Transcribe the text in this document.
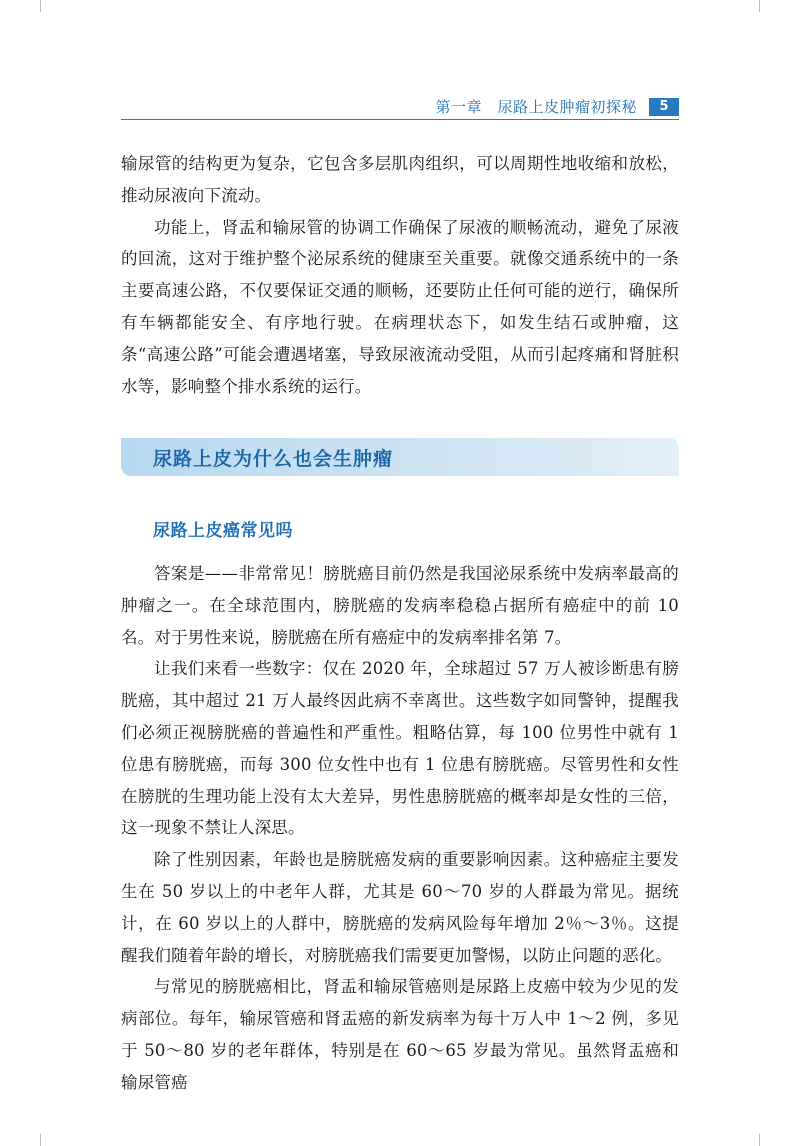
第一章　尿路上皮肿瘤初探秘	5

输尿管的结构更为复杂，它包含多层肌肉组织，可以周期性地收缩和放松，推动尿液向下流动。

功能上，肾盂和输尿管的协调工作确保了尿液的顺畅流动，避免了尿液的回流，这对于维护整个泌尿系统的健康至关重要。就像交通系统中的一条主要高速公路，不仅要保证交通的顺畅，还要防止任何可能的逆行，确保所有车辆都能安全、有序地行驶。在病理状态下，如发生结石或肿瘤，这条“高速公路”可能会遭遇堵塞，导致尿液流动受阻，从而引起疼痛和肾脏积水等，影响整个排水系统的运行。

尿路上皮为什么也会生肿瘤
尿路上皮癌常见吗

答案是——非常常见！膀胱癌目前仍然是我国泌尿系统中发病率最高的肿瘤之一。在全球范围内，膀胱癌的发病率稳稳占据所有癌症中的前 10 名。对于男性来说，膀胱癌在所有癌症中的发病率排名第 7。

让我们来看一些数字：仅在 2020 年，全球超过 57 万人被诊断患有膀胱癌，其中超过 21 万人最终因此病不幸离世。这些数字如同警钟，提醒我们必须正视膀胱癌的普遍性和严重性。粗略估算，每 100 位男性中就有 1 位患有膀胱癌，而每 300 位女性中也有 1 位患有膀胱癌。尽管男性和女性在膀胱的生理功能上没有太大差异，男性患膀胱癌的概率却是女性的三倍，这一现象不禁让人深思。

除了性别因素，年龄也是膀胱癌发病的重要影响因素。这种癌症主要发生在 50 岁以上的中老年人群，尤其是 60～70 岁的人群最为常见。据统计，在 60 岁以上的人群中，膀胱癌的发病风险每年增加 2％～3％。这提醒我们随着年龄的增长，对膀胱癌我们需要更加警惕，以防止问题的恶化。

与常见的膀胱癌相比，肾盂和输尿管癌则是尿路上皮癌中较为少见的发病部位。每年，输尿管癌和肾盂癌的新发病率为每十万人中 1～2 例，多见于 50～80 岁的老年群体，特别是在 60～65 岁最为常见。虽然肾盂癌和输尿管癌
